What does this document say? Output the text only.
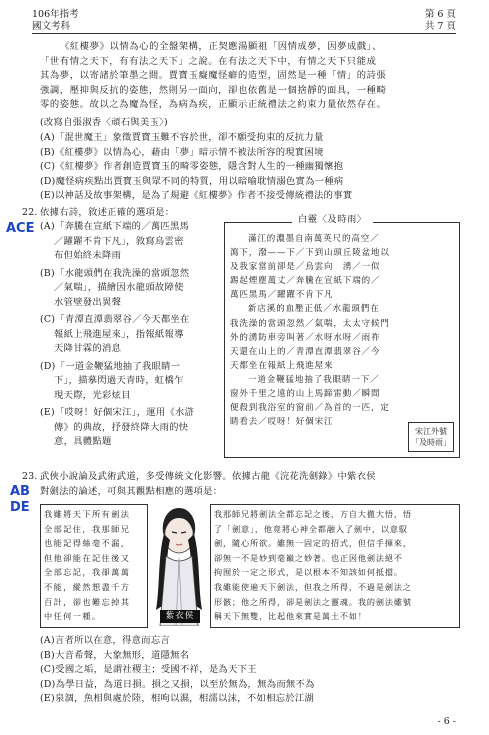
106年指考
國文考科
第 6 頁
共 7 頁
《紅樓夢》以情為心的全盤架構，正契應湯顯祖「因情成夢，因夢成戲」、
「世有情之天下，有有法之天下」之說。在有法之天下中，有情之天下只能成
其為夢，以寄諸於筆墨之間。賈寶玉癡魔怪癖的造型，固然是一種「情」的詩張
強調，壓抑與反抗的姿態，然則另一面向，卻也依舊是一個捨靜的面具，一種畸
零的姿態。故以之為魔為怪，為病為疾，正顯示正統禮法之約束力量依然存在。
(改寫自張淑香〈頑石與美玉〉)
(A)「混世魔王」象徵賈寶玉難不容於世，卻不願受拘束的反抗力量
(B)《紅樓夢》以情為心，藉由「夢」暗示情不被法所容的現實困境
(C)《紅樓夢》作者創造賈寶玉的畸零姿態，隱含對人生的一種幽獨懷抱
(D)魔怪病疾點出賈寶玉與眾不同的特質，用以暗喻耽情溺色實為一種病
(E)以神話及故事架構，是為了規避《紅樓夢》作者不接受傳統禮法的事實
22. 依據右詩，敘述正確的選項是：
ACE (A)「奔騰在宣紙下端的／萬匹黑馬
／躍躍不肯下凡」，敘寫烏雲密
布但始終未降雨
(B)「水龍頭們在我洗澡的當頭忽然
／氣喘」，描繪因水龍頭故障使
水管壁發出異聲
(C)「青潭直潭翡翠谷／今天都坐在
報紙上飛進屋來」，指報紙報導
天降甘霖的消息
(D)「一道金鞭猛地抽了我眼睛一
下」，描摹閃過天青時，虹橋乍
現天際，光彩炫目
(E)「哎呀！好個宋江」，運用《水滸
傳》的典故，抒發終降大雨的快
意，具體點題
白靈〈及時雨〉
滿江的濃墨自南萬英尺的高空／
瀉下，潑——下／下到山頭丘陵盆地以
及我家當前卻是／烏雲向　湧／一似
踢起煙塵萬丈／奔騰在宣紙下端的／
萬匹黑馬／躍躍不肯下凡
新店溪的血壓正低／水龍頭們在
我洗澡的當頭忽然／氣喘，太太守候門
外的湧防車旁叫著／水呀水呀／雨祚
天還在山上的／青潭直潭翡翠谷／今
天都坐在報紙上飛進屋來
一道金鞭猛地抽了我眼睛一下／
窗外千里之遠的山上馬蹄雷動／瞬間
便殺到我浴室的窗前／為首的一匹，定
睛看去／哎呀！好個宋江
宋江外號
「及時雨」
23. 武俠小說論及武術武道，多受傳統文化影響。依據古龍《浣花洗劍錄》中紫衣侯
對劍法的論述，可與其觀點相應的選項是：
AB
DE 我雖將天下所有劍法
全部記住，我那師兄
也能記得絲毫不漏，
但他卻能在記住後又
全部忘記，我卻萬萬
不能，縱然想盡千方
百計，卻也難忘掉其
中任何一種。	紫衣侯
我那師兄將劍法全都忘記之後，方自大徹大悟，悟
了「劍意」，他竟將心神全都融入了劍中，以意馭
劍，隨心所欲。雖無一固定的招式，但信手揮來，
卻無一不是妙到毫巔之妙著。也正因他劍法絕不
拘囿於一定之形式，是以根本不知該如何抵擋。
我雖能使遍天下劍法，但我之所得，不過是劍法之
形骸；他之所得，卻是劍法之靈魂。我的劍法雖號
稱天下無雙，比起他來實是萬土不如！
(A)言者所以在意，得意而忘言
(B)大音希聲，大象無形，道隱無名
(C)受國之垢，是謂社稷主；受國不祥，是為天下王
(D)為學日益，為道日損。損之又損，以至於無為，無為而無不為
(E)泉涸，魚相與處於陸，相呴以濕，相濡以沫，不如相忘於江湖
- 6 -
